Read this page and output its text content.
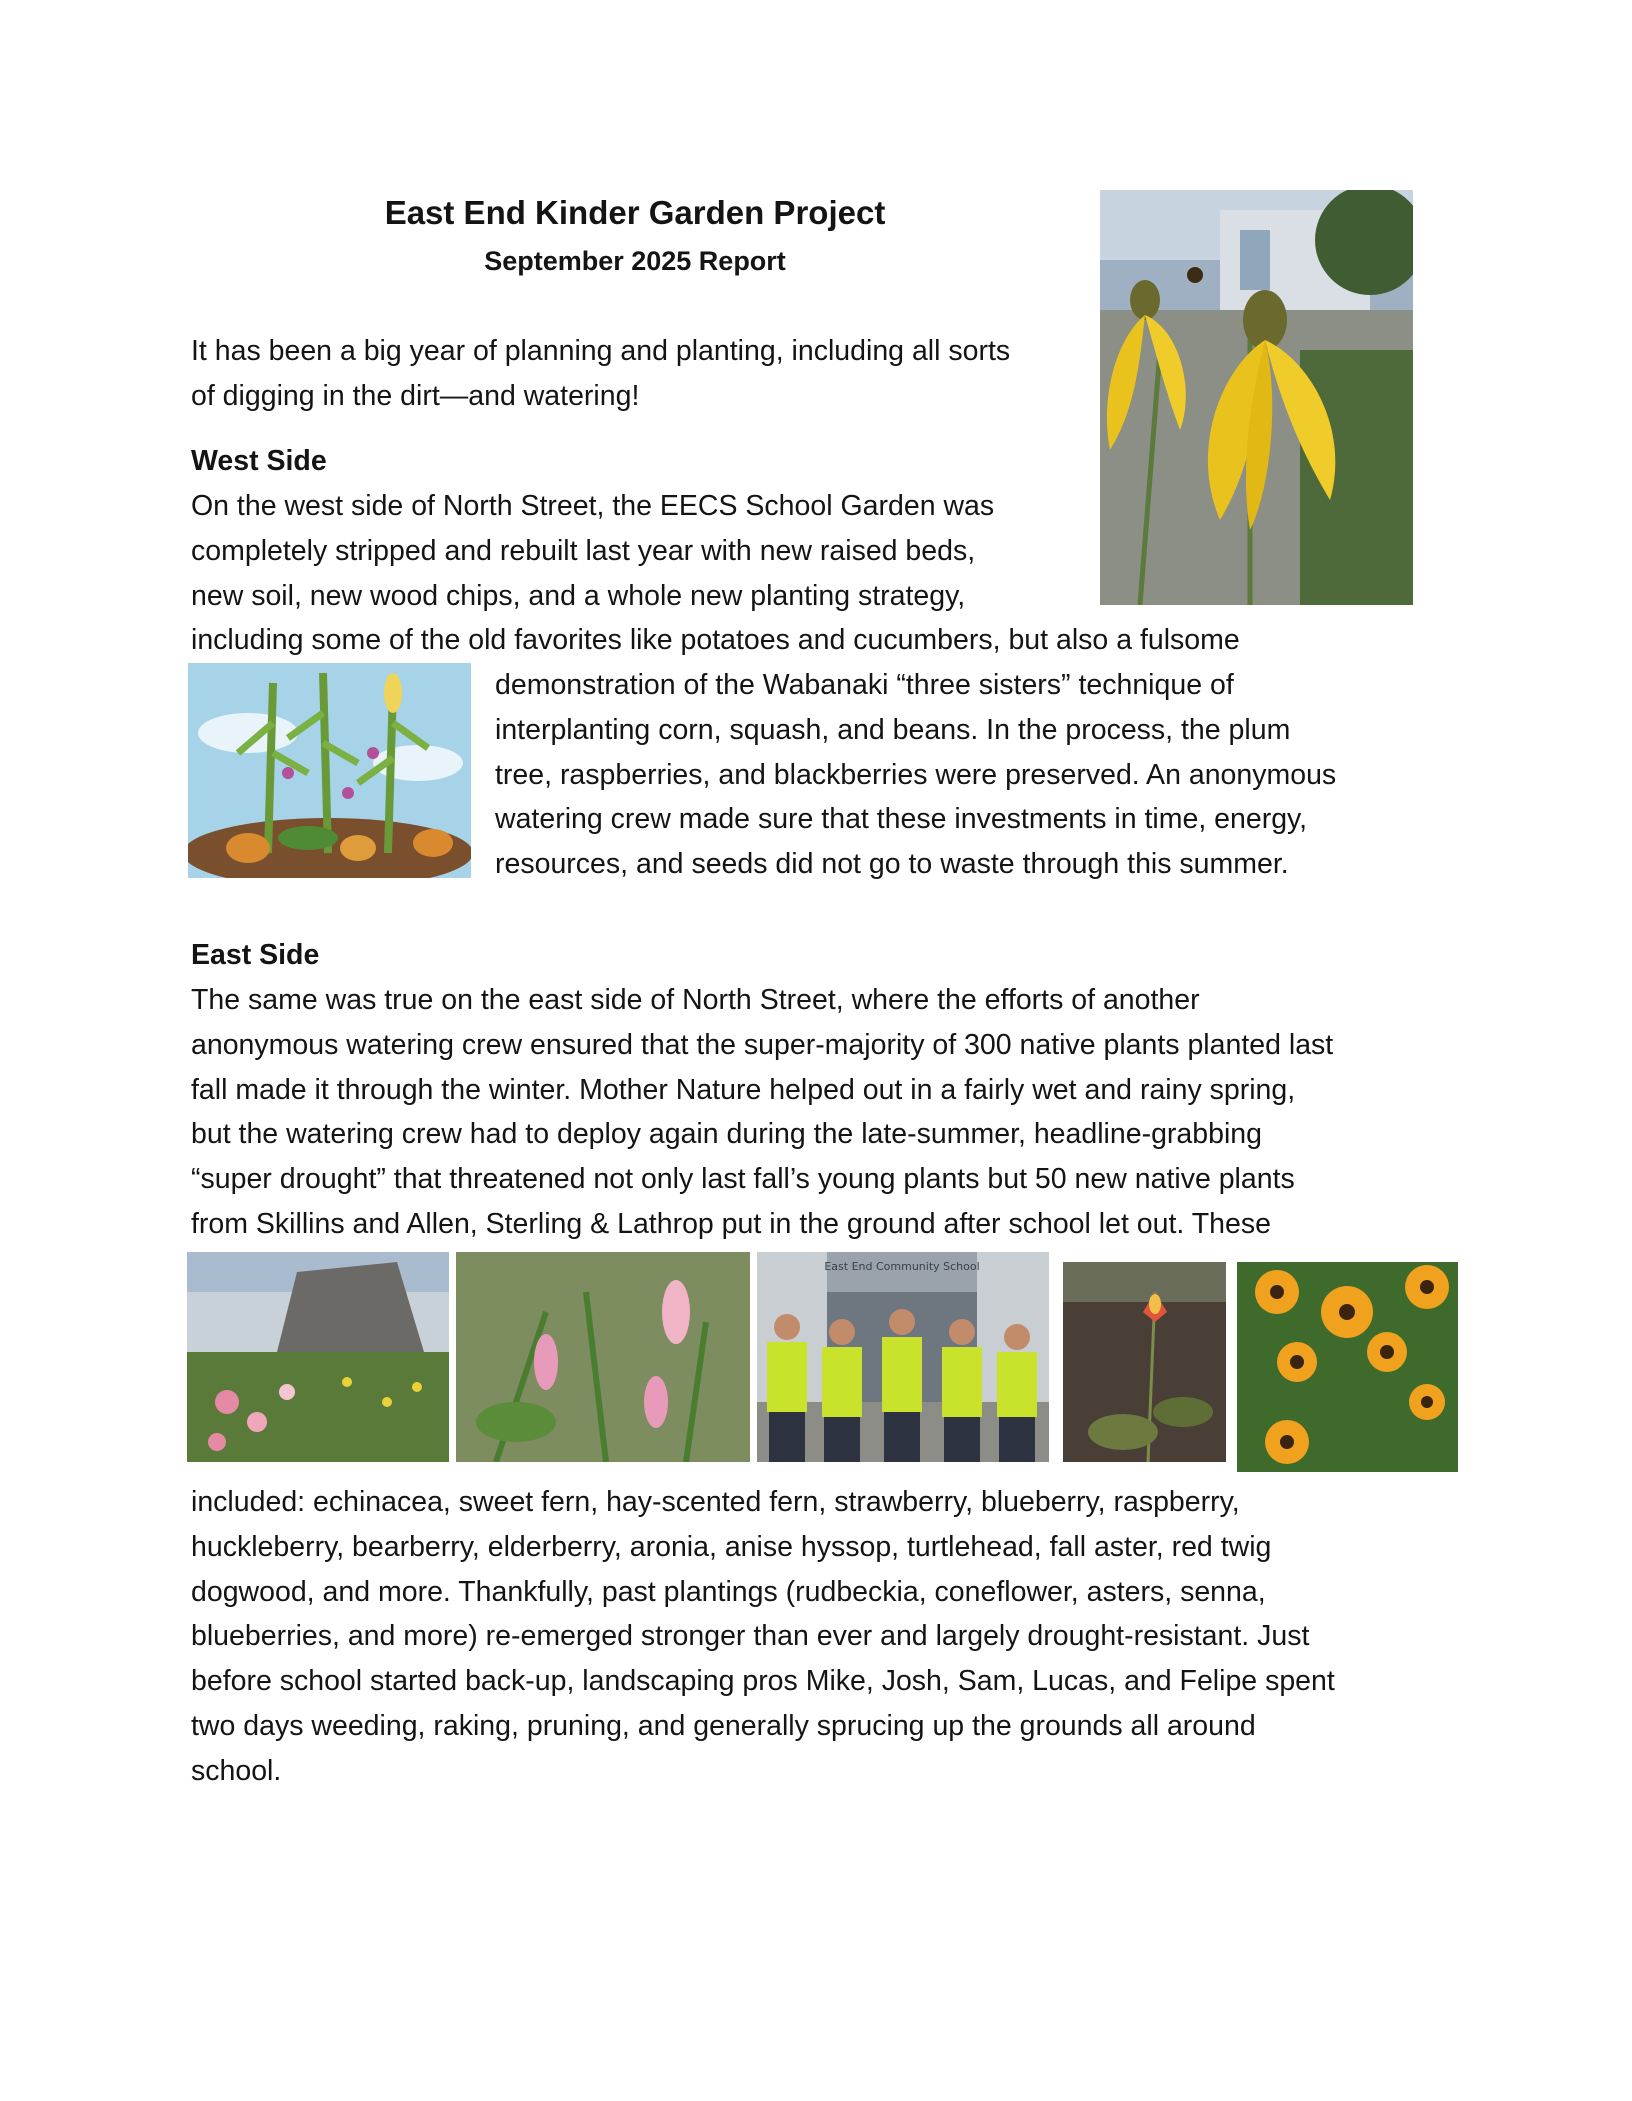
East End Kinder Garden Project
September 2025 Report
It has been a big year of planning and planting, including all sorts
of digging in the dirt—and watering!
West Side
On the west side of North Street, the EECS School Garden was
completely stripped and rebuilt last year with new raised beds,
new soil, new wood chips, and a whole new planting strategy,
including some of the old favorites like potatoes and cucumbers, but also a fulsome
demonstration of the Wabanaki “three sisters” technique of
interplanting corn, squash, and beans. In the process, the plum
tree, raspberries, and blackberries were preserved. An anonymous
watering crew made sure that these investments in time, energy,
resources, and seeds did not go to waste through this summer.
East Side
The same was true on the east side of North Street, where the efforts of another
anonymous watering crew ensured that the super-majority of 300 native plants planted last
fall made it through the winter. Mother Nature helped out in a fairly wet and rainy spring,
but the watering crew had to deploy again during the late-summer, headline-grabbing
“super drought” that threatened not only last fall’s young plants but 50 new native plants
from Skillins and Allen, Sterling & Lathrop put in the ground after school let out. These
included: echinacea, sweet fern, hay-scented fern, strawberry, blueberry, raspberry,
huckleberry, bearberry, elderberry, aronia, anise hyssop, turtlehead, fall aster, red twig
dogwood, and more. Thankfully, past plantings (rudbeckia, coneflower, asters, senna,
blueberries, and more) re-emerged stronger than ever and largely drought-resistant. Just
before school started back-up, landscaping pros Mike, Josh, Sam, Lucas, and Felipe spent
two days weeding, raking, pruning, and generally sprucing up the grounds all around
school.
East End Community School
